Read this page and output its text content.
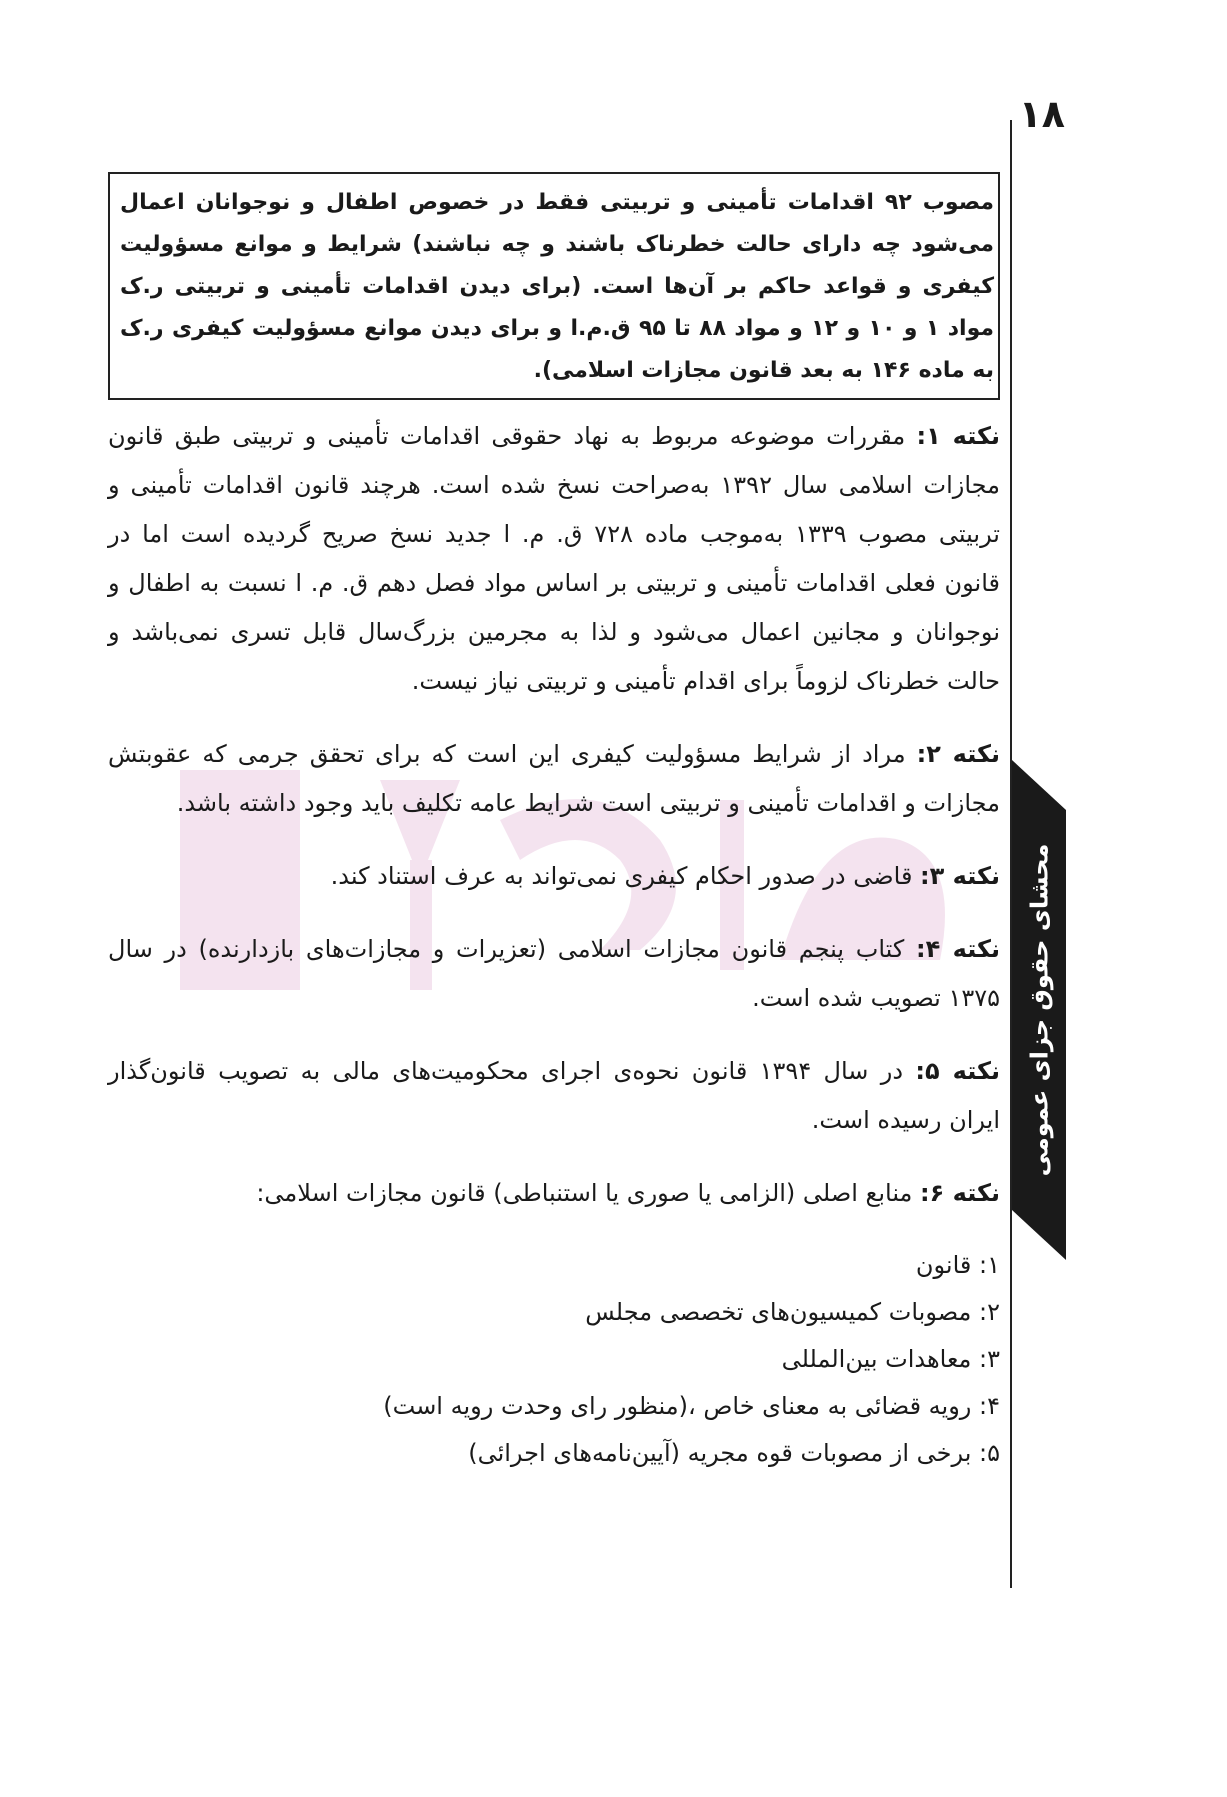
۱۸
محشای حقوق جزای عمومی
مصوب ۹۲ اقدامات تأمینی و تربیتی فقط در خصوص اطفال و نوجوانان اعمال می‌شود چه دارای حالت خطرناک باشند و چه نباشند) شرایط و موانع مسؤولیت کیفری و قواعد حاکم بر آن‌ها است. (برای دیدن اقدامات تأمینی و تربیتی ر.ک مواد ۱ و ۱۰ و ۱۲ و مواد ۸۸ تا ۹۵ ق.م.ا و برای دیدن موانع مسؤولیت کیفری ر.ک به ماده ۱۴۶ به بعد قانون مجازات اسلامی).

نکته ۱: مقررات موضوعه مربوط به نهاد حقوقی اقدامات تأمینی و تربیتی طبق قانون مجازات اسلامی سال ۱۳۹۲ به‌صراحت نسخ شده است. هرچند قانون اقدامات تأمینی و تربیتی مصوب ۱۳۳۹ به‌موجب ماده ۷۲۸ ق. م. ا جدید نسخ صریح گردیده است اما در قانون فعلی اقدامات تأمینی و تربیتی بر اساس مواد فصل دهم ق. م. ا نسبت به اطفال و نوجوانان و مجانین اعمال می‌شود و لذا به مجرمین بزرگ‌سال قابل تسری نمی‌باشد و حالت خطرناک لزوماً برای اقدام تأمینی و تربیتی نیاز نیست.

نکته ۲: مراد از شرایط مسؤولیت کیفری این است که برای تحقق جرمی که عقوبتش مجازات و اقدامات تأمینی و تربیتی است شرایط عامه تکلیف باید وجود داشته باشد.

نکته ۳: قاضی در صدور احکام کیفری نمی‌تواند به عرف استناد کند.

نکته ۴: کتاب پنجم قانون مجازات اسلامی (تعزیرات و مجازات‌های بازدارنده) در سال ۱۳۷۵ تصویب شده است.

نکته ۵: در سال ۱۳۹۴ قانون نحوه‌ی اجرای محکومیت‌های مالی به تصویب قانون‌گذار ایران رسیده است.

نکته ۶: منابع اصلی (الزامی یا صوری یا استنباطی) قانون مجازات اسلامی:

۱: قانون
۲: مصوبات کمیسیون‌های تخصصی مجلس
۳: معاهدات بین‌المللی
۴: رویه قضائی به معنای خاص ،(منظور رای وحدت رویه است)
۵: برخی از مصوبات قوه مجریه (آیین‌نامه‌های اجرائی)
